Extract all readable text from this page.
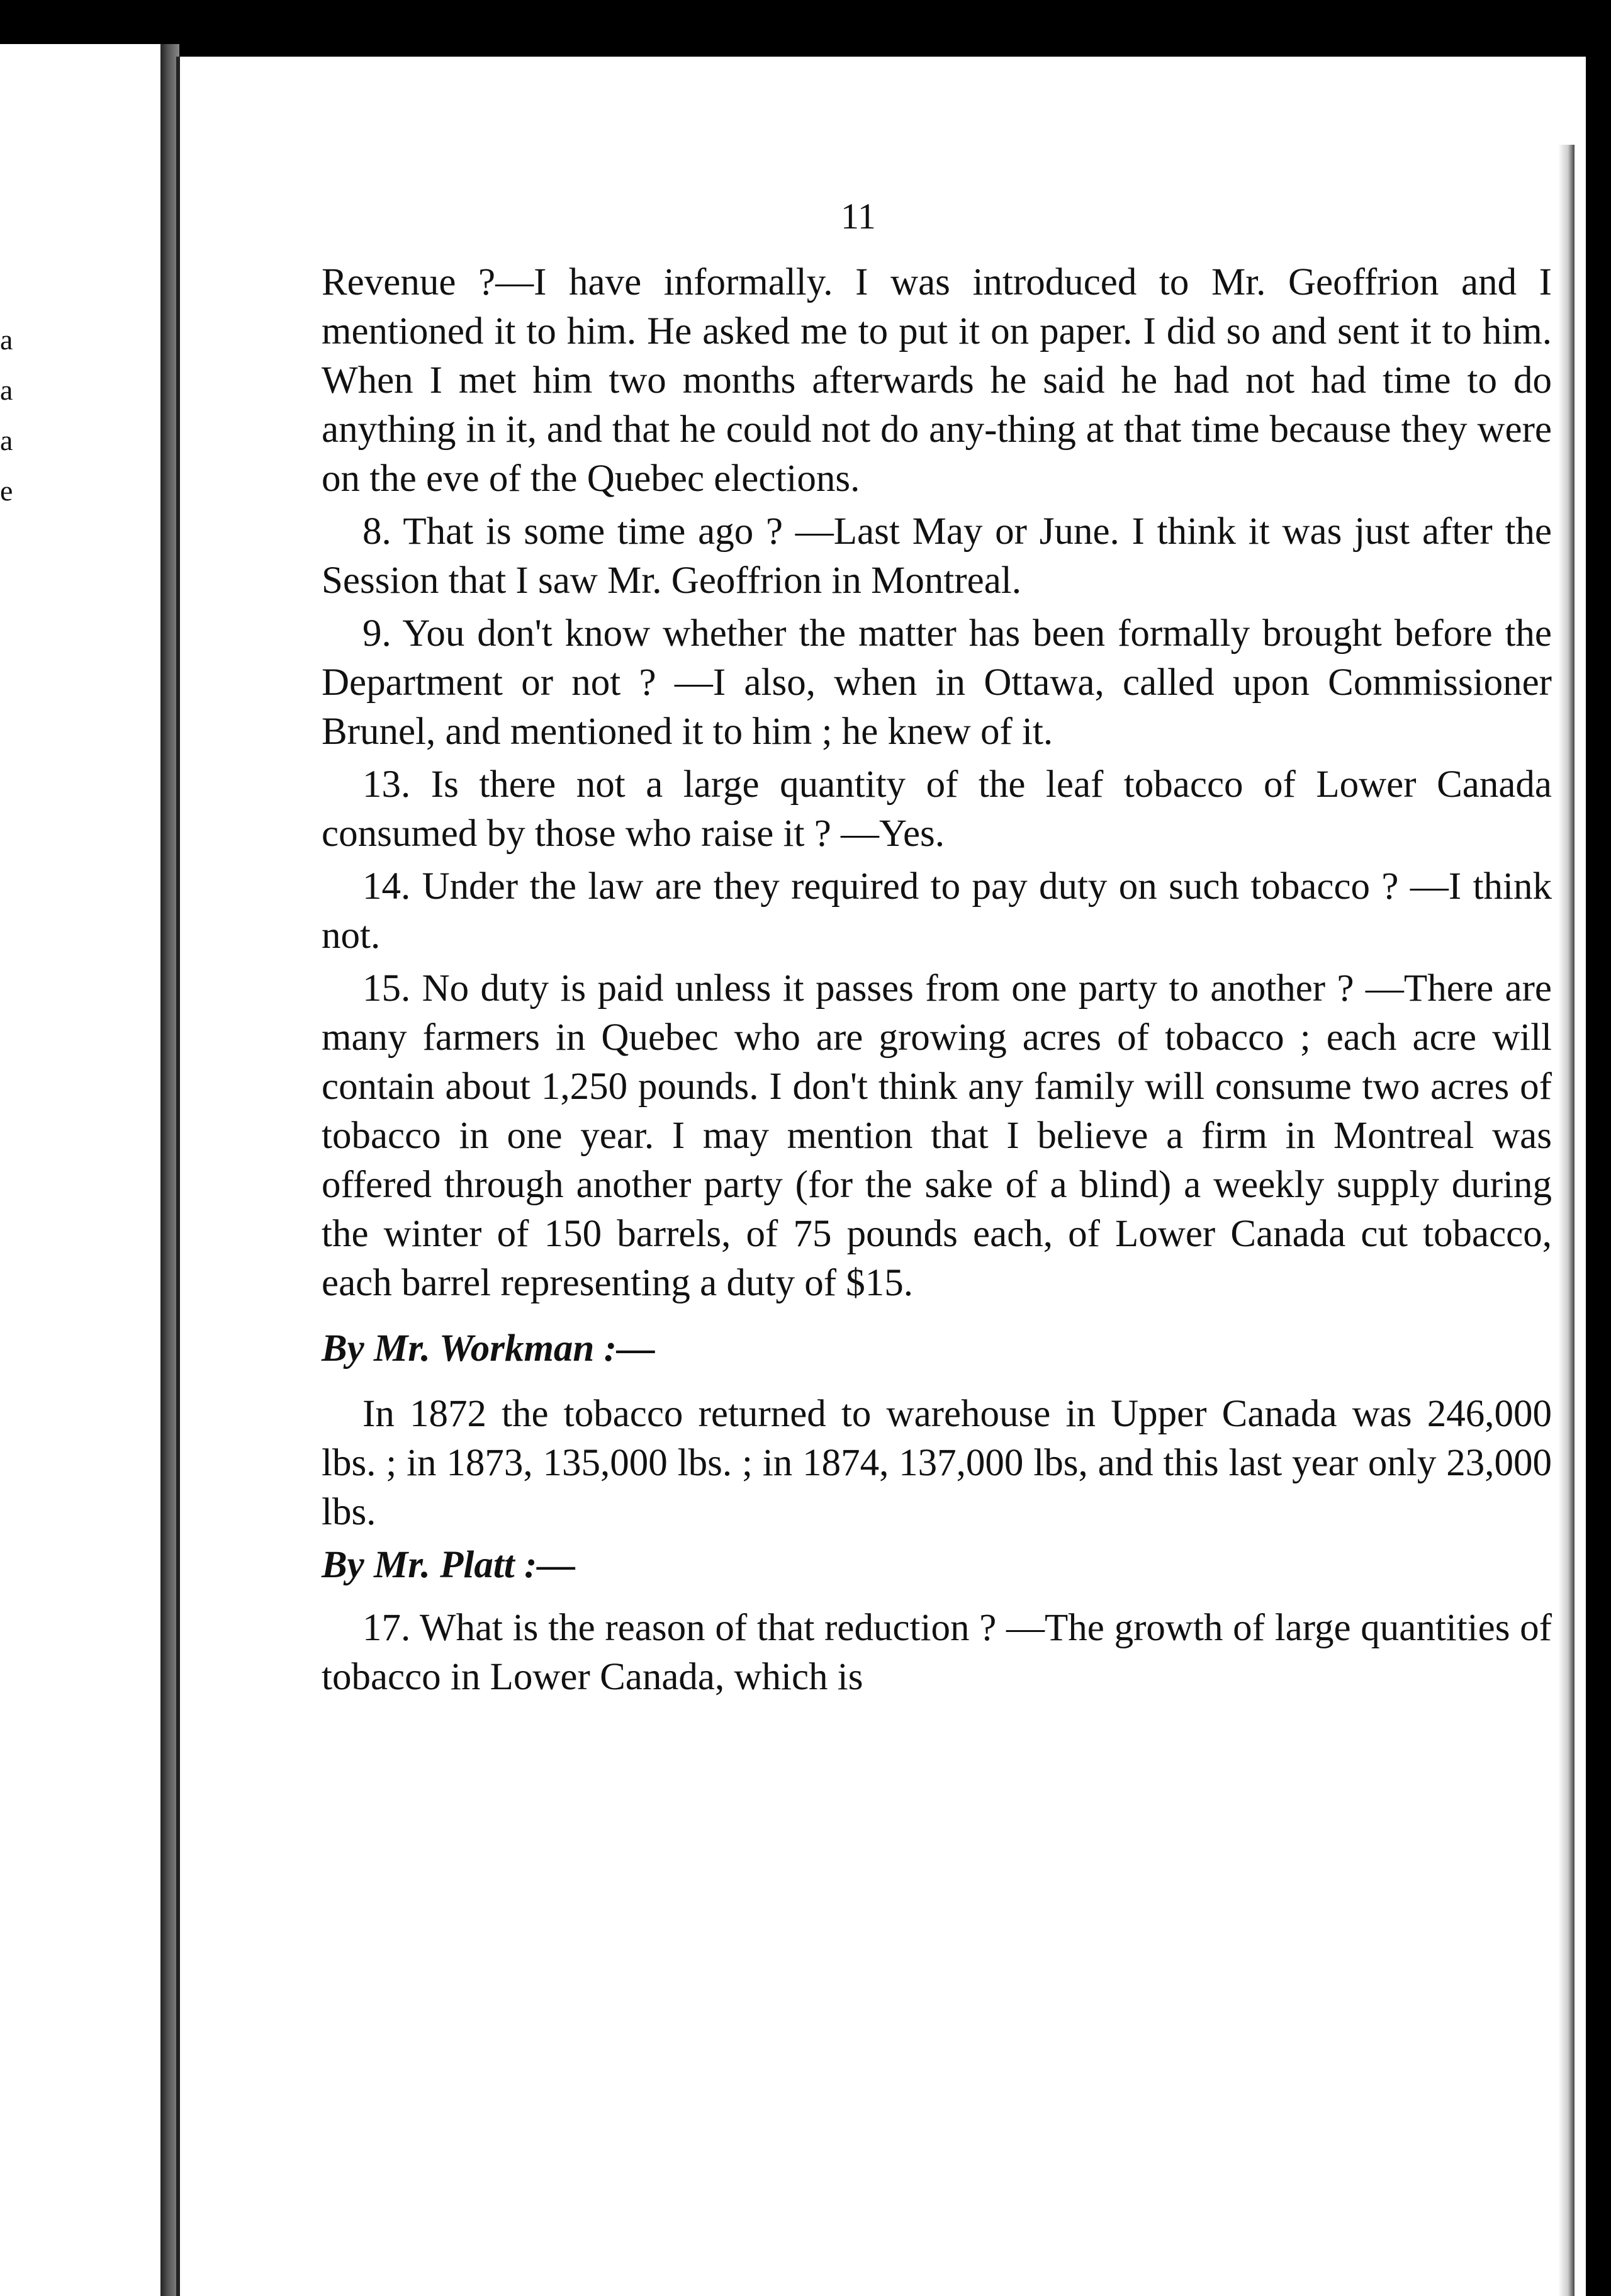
a
a
a
e
11

Revenue ?—I have informally. I was introduced to Mr. Geoffrion and I mentioned it to him. He asked me to put it on paper. I did so and sent it to him. When I met him two months afterwards he said he had not had time to do anything in it, and that he could not do any-thing at that time because they were on the eve of the Quebec elections.

8. That is some time ago ? —Last May or June. I think it was just after the Session that I saw Mr. Geoffrion in Montreal.

9. You don't know whether the matter has been formally brought before the Department or not ? —I also, when in Ottawa, called upon Commissioner Brunel, and mentioned it to him ; he knew of it.

13. Is there not a large quantity of the leaf tobacco of Lower Canada consumed by those who raise it ? —Yes.

14. Under the law are they required to pay duty on such tobacco ? —I think not.

15. No duty is paid unless it passes from one party to another ? —There are many farmers in Quebec who are growing acres of tobacco ; each acre will contain about 1,250 pounds. I don't think any family will consume two acres of tobacco in one year. I may mention that I believe a firm in Montreal was offered through another party (for the sake of a blind) a weekly supply during the winter of 150 barrels, of 75 pounds each, of Lower Canada cut tobacco, each barrel representing a duty of $15.

By Mr. Workman :—

In 1872 the tobacco returned to warehouse in Upper Canada was 246,000 lbs. ; in 1873, 135,000 lbs. ; in 1874, 137,000 lbs, and this last year only 23,000 lbs.

By Mr. Platt :—

17. What is the reason of that reduction ? —The growth of large quantities of tobacco in Lower Canada, which is
